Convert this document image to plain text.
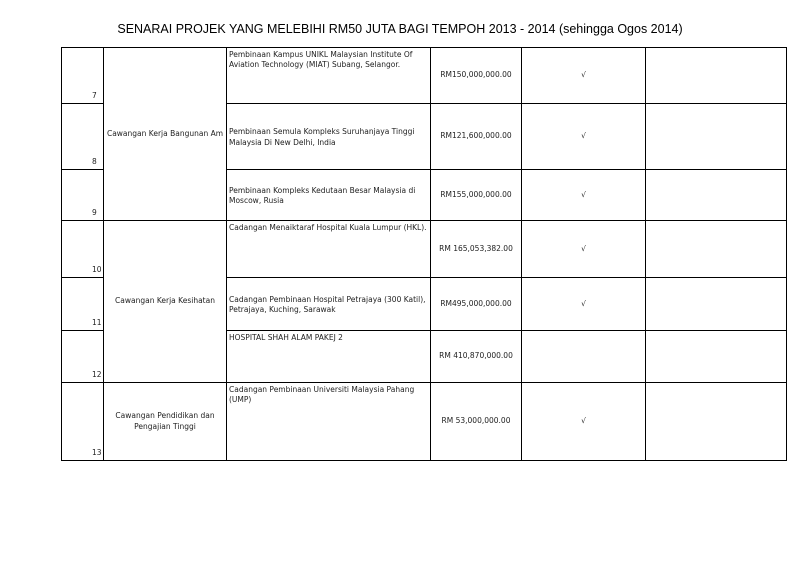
SENARAI PROJEK YANG MELEBIHI RM50 JUTA BAGI TEMPOH 2013 - 2014 (sehingga Ogos 2014)
7	Cawangan Kerja Bangunan Am	Pembinaan Kampus UNIKL Malaysian Institute Of Aviation Technology (MIAT) Subang, Selangor.	RM150,000,000.00	√	
8		Pembinaan Semula Kompleks Suruhanjaya Tinggi Malaysia Di New Delhi, India	RM121,600,000.00	√	
9		Pembinaan Kompleks Kedutaan Besar Malaysia di Moscow, Rusia	RM155,000,000.00	√	
10	Cawangan Kerja Kesihatan	Cadangan Menaiktaraf Hospital Kuala Lumpur (HKL).	RM 165,053,382.00	√	
11		Cadangan Pembinaan Hospital Petrajaya (300 Katil), Petrajaya, Kuching, Sarawak	RM495,000,000.00	√	
12		HOSPITAL SHAH ALAM PAKEJ 2	RM 410,870,000.00		
13	Cawangan Pendidikan dan Pengajian Tinggi	Cadangan Pembinaan Universiti Malaysia Pahang (UMP)	RM 53,000,000.00	√	
